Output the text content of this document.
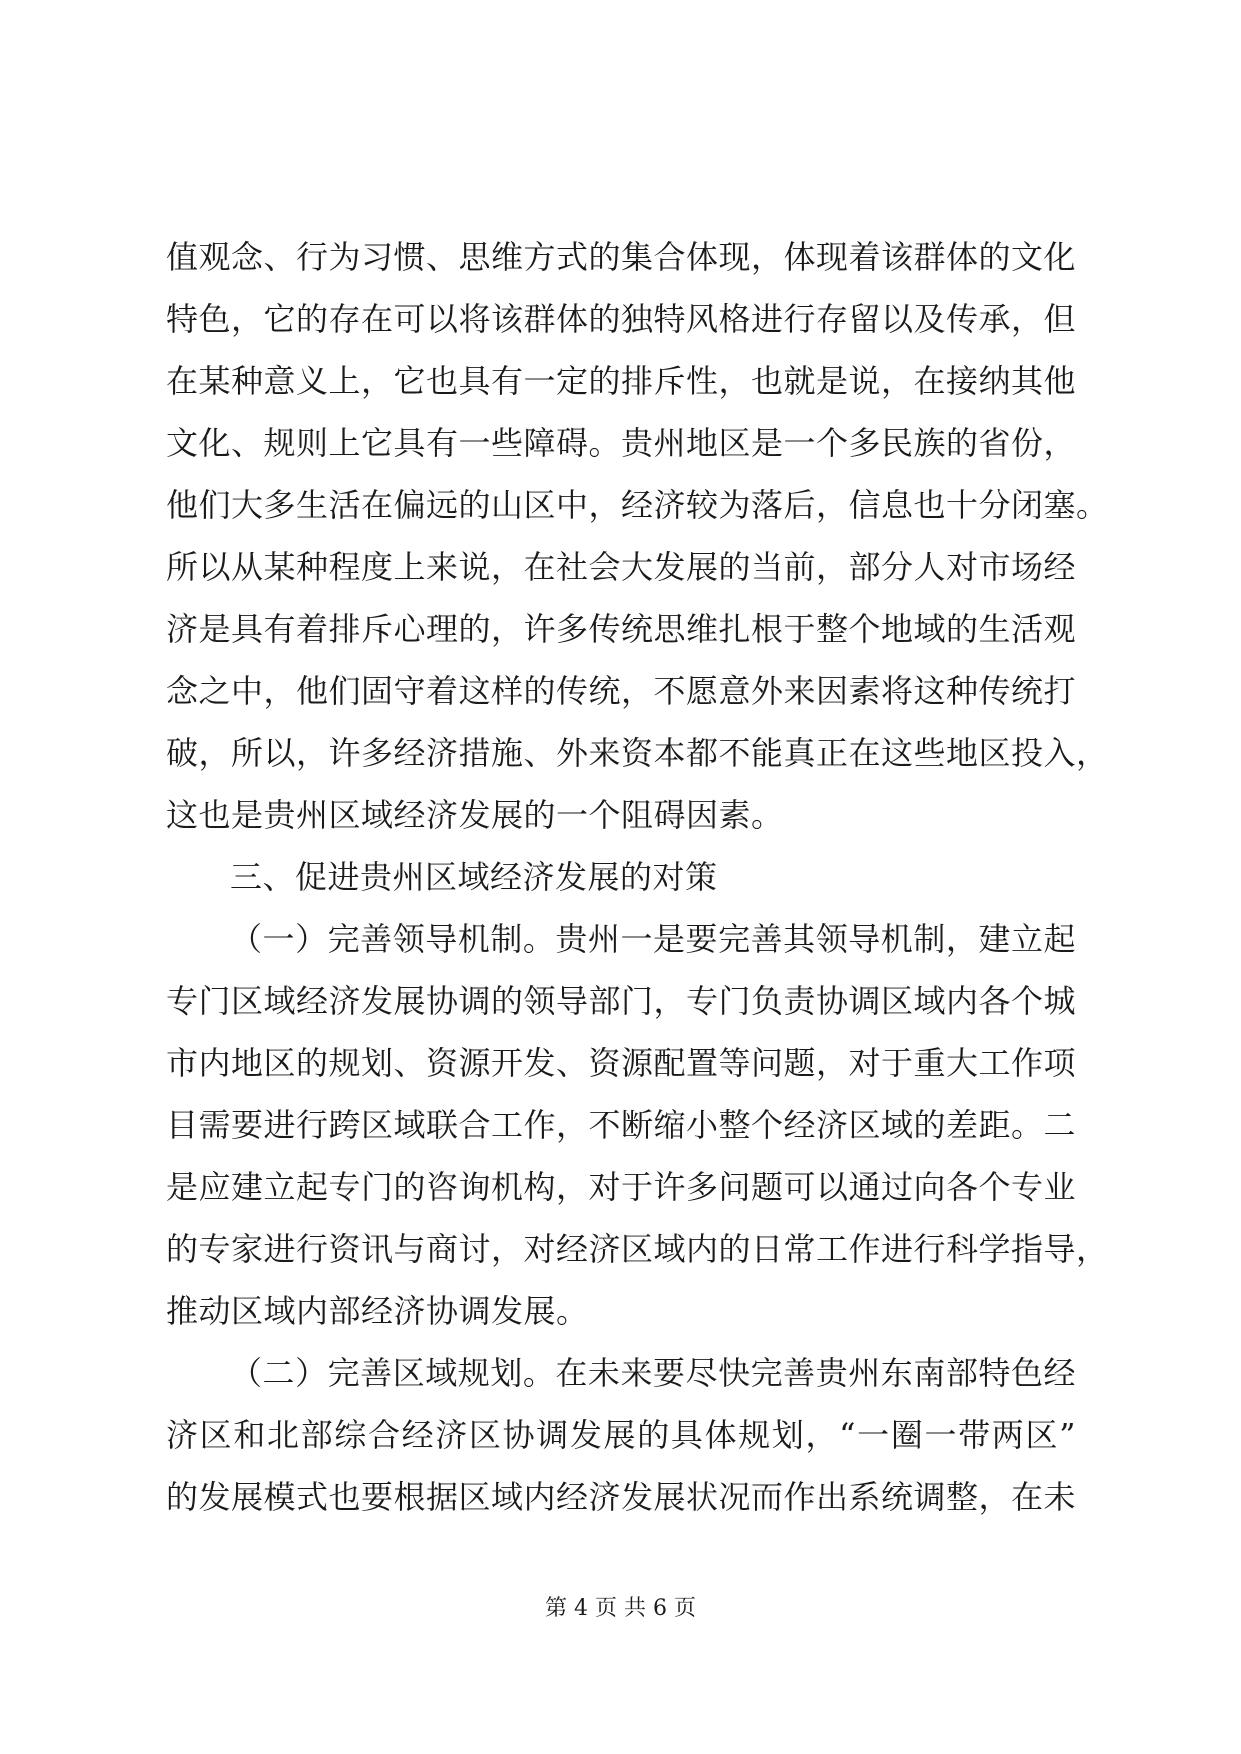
值观念、行为习惯、思维方式的集合体现，体现着该群体的文化
特色，它的存在可以将该群体的独特风格进行存留以及传承，但
在某种意义上，它也具有一定的排斥性，也就是说，在接纳其他
文化、规则上它具有一些障碍。贵州地区是一个多民族的省份，
他们大多生活在偏远的山区中，经济较为落后，信息也十分闭塞。
所以从某种程度上来说，在社会大发展的当前，部分人对市场经
济是具有着排斥心理的，许多传统思维扎根于整个地域的生活观
念之中，他们固守着这样的传统，不愿意外来因素将这种传统打
破，所以，许多经济措施、外来资本都不能真正在这些地区投入，
这也是贵州区域经济发展的一个阻碍因素。
三、促进贵州区域经济发展的对策
（一）完善领导机制。贵州一是要完善其领导机制，建立起
专门区域经济发展协调的领导部门，专门负责协调区域内各个城
市内地区的规划、资源开发、资源配置等问题，对于重大工作项
目需要进行跨区域联合工作，不断缩小整个经济区域的差距。二
是应建立起专门的咨询机构，对于许多问题可以通过向各个专业
的专家进行资讯与商讨，对经济区域内的日常工作进行科学指导，
推动区域内部经济协调发展。
（二）完善区域规划。在未来要尽快完善贵州东南部特色经
济区和北部综合经济区协调发展的具体规划，“一圈一带两区”
的发展模式也要根据区域内经济发展状况而作出系统调整，在未
第 4 页 共 6 页
